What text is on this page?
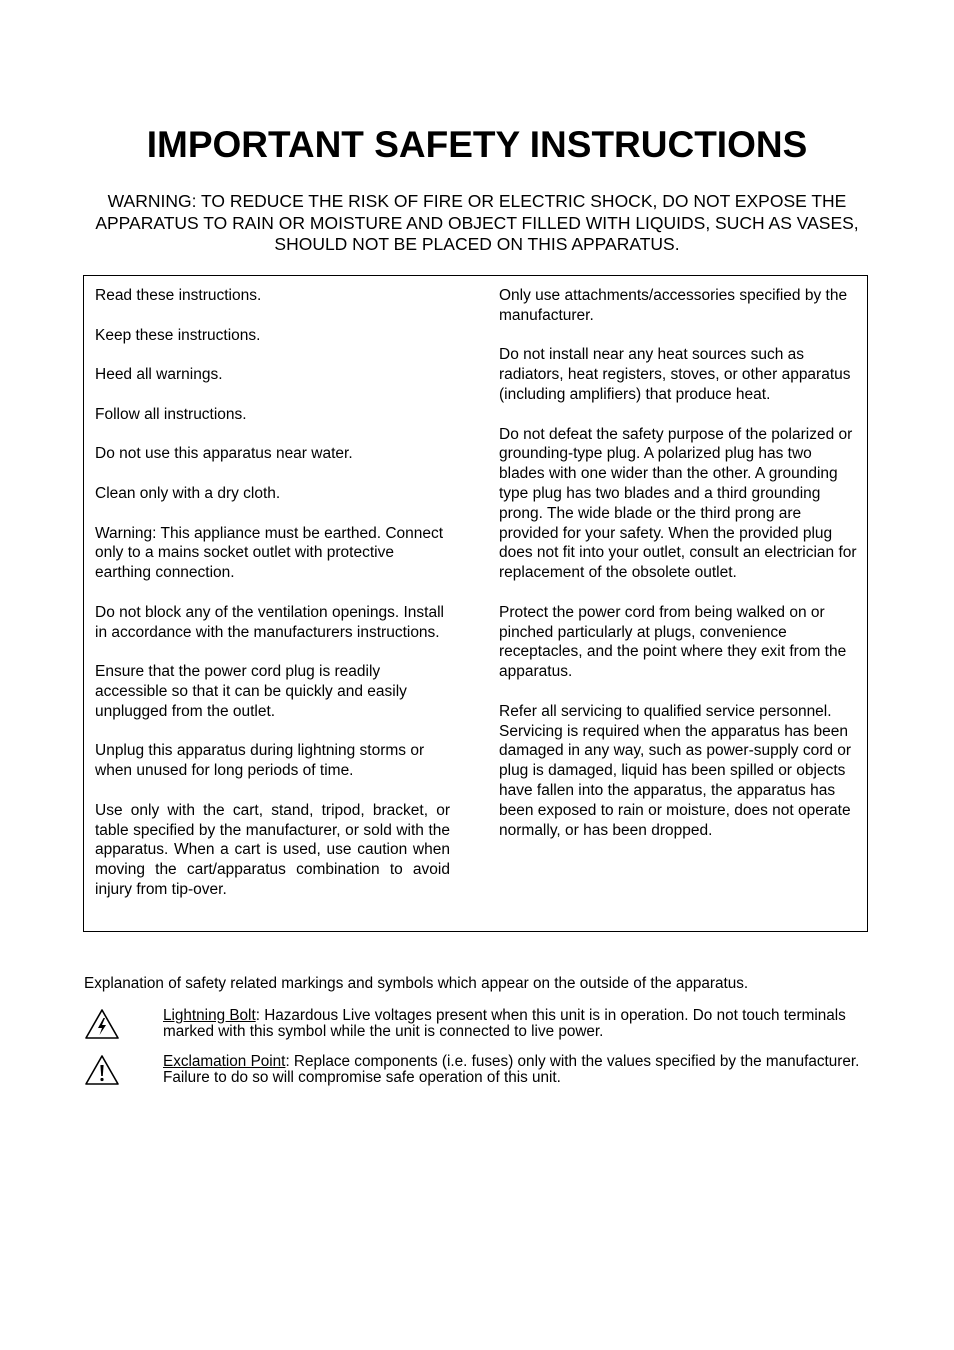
IMPORTANT SAFETY INSTRUCTIONS

WARNING: TO REDUCE THE RISK OF FIRE OR ELECTRIC SHOCK, DO NOT EXPOSE THE APPARATUS TO RAIN OR MOISTURE AND OBJECT FILLED WITH LIQUIDS, SUCH AS VASES, SHOULD NOT BE PLACED ON THIS APPARATUS.

Read these instructions.

Keep these instructions.

Heed all warnings.

Follow all instructions.

Do not use this apparatus near water.

Clean only with a dry cloth.

Warning: This appliance must be earthed. Connect only to a mains socket outlet with protective earthing connection.

Do not block any of the ventilation openings. Install in accordance with the manufacturers instructions.

Ensure that the power cord plug is readily accessible so that it can be quickly and easily unplugged from the outlet.

Unplug this apparatus during lightning storms or when unused for long periods of time.

Use only with the cart, stand, tripod, bracket, or table specified by the manufacturer, or sold with the apparatus. When a cart is used, use caution when moving the cart/apparatus combination to avoid injury from tip-over.

Only use attachments/accessories specified by the manufacturer.

Do not install near any heat sources such as radiators, heat registers, stoves, or other apparatus (including amplifiers) that produce heat.

Do not defeat the safety purpose of the polarized or grounding-type plug. A polarized plug has two blades with one wider than the other. A grounding type plug has two blades and a third grounding prong. The wide blade or the third prong are provided for your safety. When the provided plug does not fit into your outlet, consult an electrician for replacement of the obsolete outlet.

Protect the power cord from being walked on or pinched particularly at plugs, convenience receptacles, and the point where they exit from the apparatus.

Refer all servicing to qualified service personnel. Servicing is required when the apparatus has been damaged in any way, such as power-supply cord or plug is damaged, liquid has been spilled or objects have fallen into the apparatus, the apparatus has been exposed to rain or moisture, does not operate normally, or has been dropped.

Explanation of safety related markings and symbols which appear on the outside of the apparatus.

Lightning Bolt: Hazardous Live voltages present when this unit is in operation. Do not touch terminals marked with this symbol while the unit is connected to live power.
Exclamation Point: Replace components (i.e. fuses) only with the values specified by the manufacturer. Failure to do so will compromise safe operation of this unit.
